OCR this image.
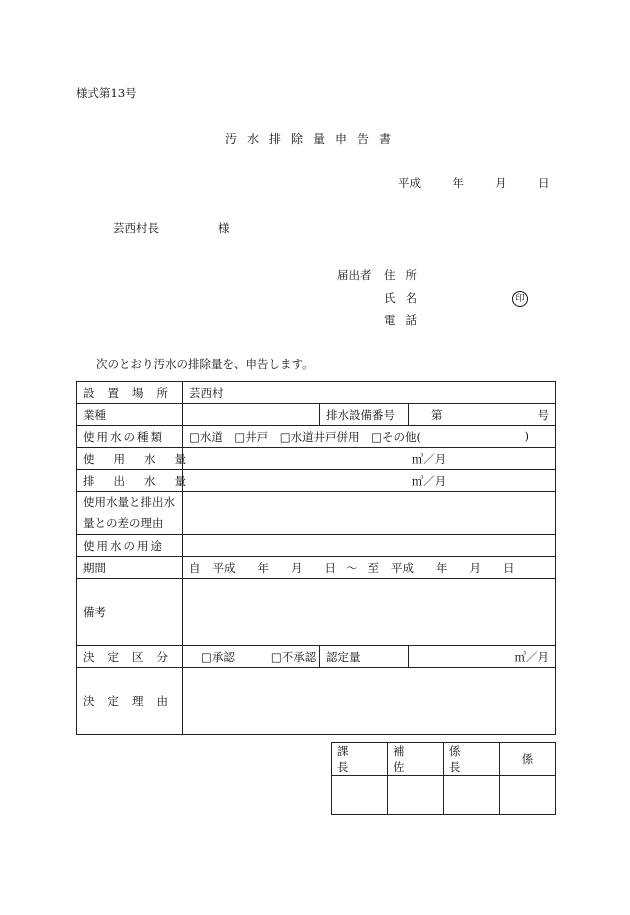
様式第13号
汚水排除量申告書
平成	年	月	日
芸西村長	様
届出者 住所
氏名	印
電話
次のとおり汚水の排除量を、申告します。
設置場所	芸西村		

業種		排水設備番号	第 号

使用水の種類	□水道　□井戸　□水道井戸併用　□その他( )		

使用水量	㎥／月		
排出水量	㎥／月		

使用水量と排出水
量との差の理由			

使用水の用途			

期間	自 平成 年 月 日 ～ 至 平成 年 月 日		

備考			

決定区分	□承認 □不承認	認定量	㎥／月
決定理由			
課長	補佐	係長	係
